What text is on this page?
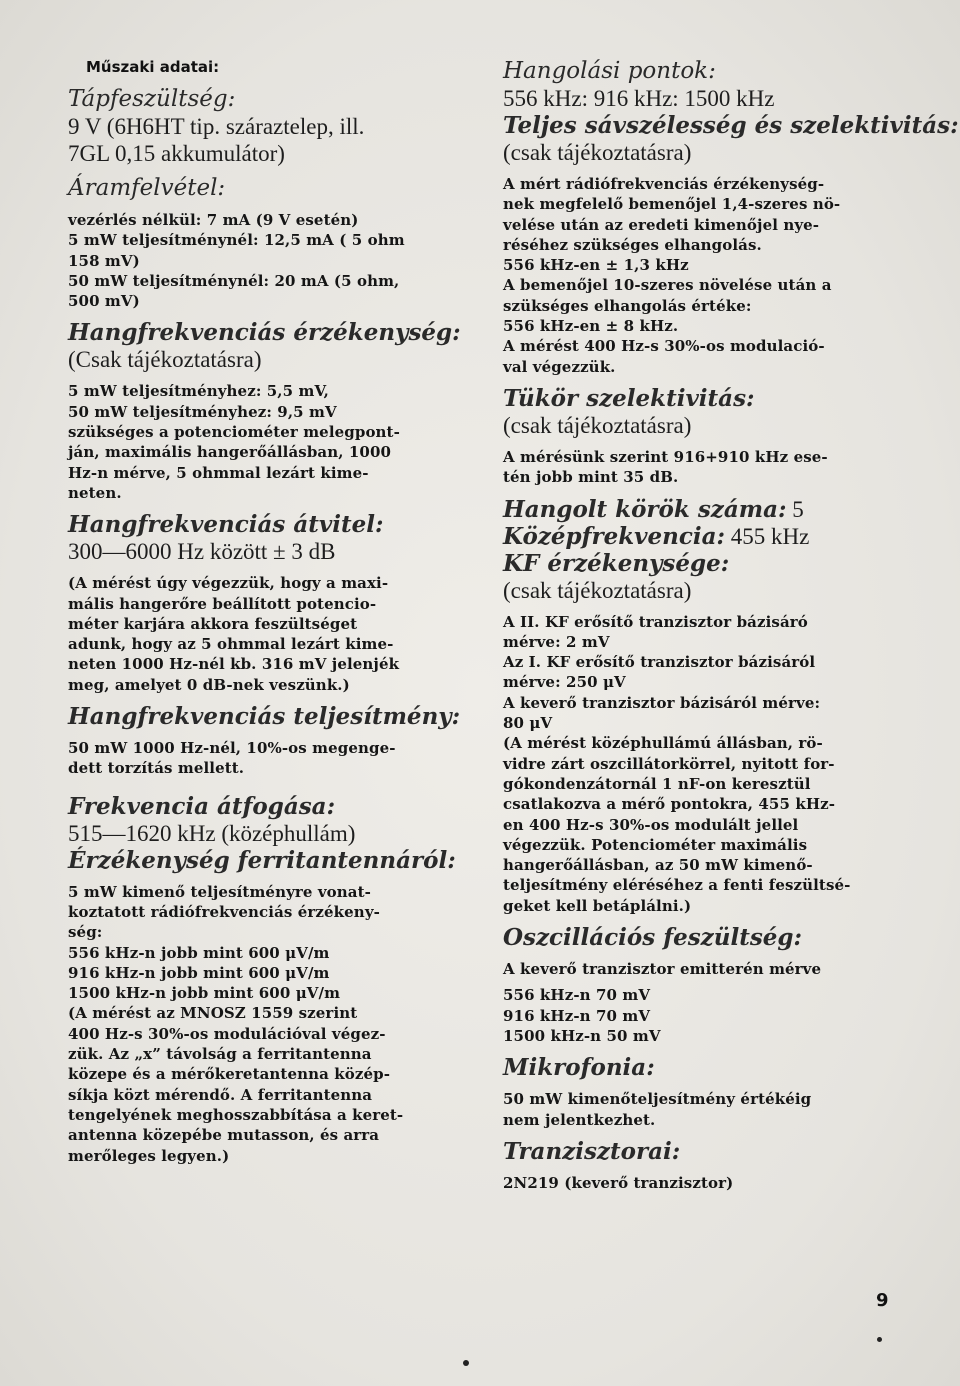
Műszaki adatai:

Tápfeszültség:

9 V (6H6HT tip. száraztelep, ill.

7GL 0,15 akkumulátor)

Áramfelvétel:

vezérlés nélkül: 7 mA (9 V esetén)

5 mW teljesítménynél: 12,5 mA ( 5 ohm

158 mV)

50 mW teljesítménynél: 20 mA (5 ohm,

500 mV)

Hangfrekvenciás érzékenység:

(Csak tájékoztatásra)

5 mW teljesítményhez: 5,5 mV,

50 mW teljesítményhez: 9,5 mV

szükséges a potenciométer melegpont-

ján, maximális hangerőállásban, 1000

Hz-n mérve, 5 ohmmal lezárt kime-

neten.

Hangfrekvenciás átvitel:

300—6000 Hz között ± 3 dB

(A mérést úgy végezzük, hogy a maxi-

mális hangerőre beállított potencio-

méter karjára akkora feszültséget

adunk, hogy az 5 ohmmal lezárt kime-

neten 1000 Hz-nél kb. 316 mV jelenjék

meg, amelyet 0 dB-nek veszünk.)

Hangfrekvenciás teljesítmény:

50 mW 1000 Hz-nél, 10%-os megenge-

dett torzítás mellett.

Frekvencia átfogása:

515—1620 kHz (középhullám)

Érzékenység ferritantennáról:

5 mW kimenő teljesítményre vonat-

koztatott rádiófrekvenciás érzékeny-

ség:

556 kHz-n jobb mint 600 μV/m

916 kHz-n jobb mint 600 μV/m

1500 kHz-n jobb mint 600 μV/m

(A mérést az MNOSZ 1559 szerint

400 Hz-s 30%-os modulációval végez-

zük. Az „x” távolság a ferritantenna

közepe és a mérőkeretantenna közép-

síkja közt mérendő. A ferritantenna

tengelyének meghosszabbítása a keret-

antenna közepébe mutasson, és arra

merőleges legyen.)

Hangolási pontok:

556 kHz: 916 kHz: 1500 kHz

Teljes sávszélesség és szelektivitás:

(csak tájékoztatásra)

A mért rádiófrekvenciás érzékenység-

nek megfelelő bemenőjel 1,4-szeres nö-

velése után az eredeti kimenőjel nye-

réséhez szükséges elhangolás.

556 kHz-en ± 1,3 kHz

A bemenőjel 10-szeres növelése után a

szükséges elhangolás értéke:

556 kHz-en ± 8 kHz.

A mérést 400 Hz-s 30%-os modulació-

val végezzük.

Tükör szelektivitás:

(csak tájékoztatásra)

A mérésünk szerint 916+910 kHz ese-

tén jobb mint 35 dB.

Hangolt körök száma: 5

Középfrekvencia: 455 kHz

KF érzékenysége:

(csak tájékoztatásra)

A II. KF erősítő tranzisztor bázisáró

mérve: 2 mV

Az I. KF erősítő tranzisztor bázisáról

mérve: 250 μV

A keverő tranzisztor bázisáról mérve:

80 μV

(A mérést középhullámú állásban, rö-

vidre zárt oszcillátorkörrel, nyitott for-

gókondenzátornál 1 nF-on keresztül

csatlakozva a mérő pontokra, 455 kHz-

en 400 Hz-s 30%-os modulált jellel

végezzük. Potenciométer maximális

hangerőállásban, az 50 mW kimenő-

teljesítmény eléréséhez a fenti feszültsé-

geket kell betáplálni.)

Oszcillációs feszültség:

A keverő tranzisztor emitterén mérve

556 kHz-n 70 mV

916 kHz-n 70 mV

1500 kHz-n 50 mV

Mikrofonia:

50 mW kimenőteljesítmény értékéig

nem jelentkezhet.

Tranzisztorai:

2N219 (keverő tranzisztor)

9
